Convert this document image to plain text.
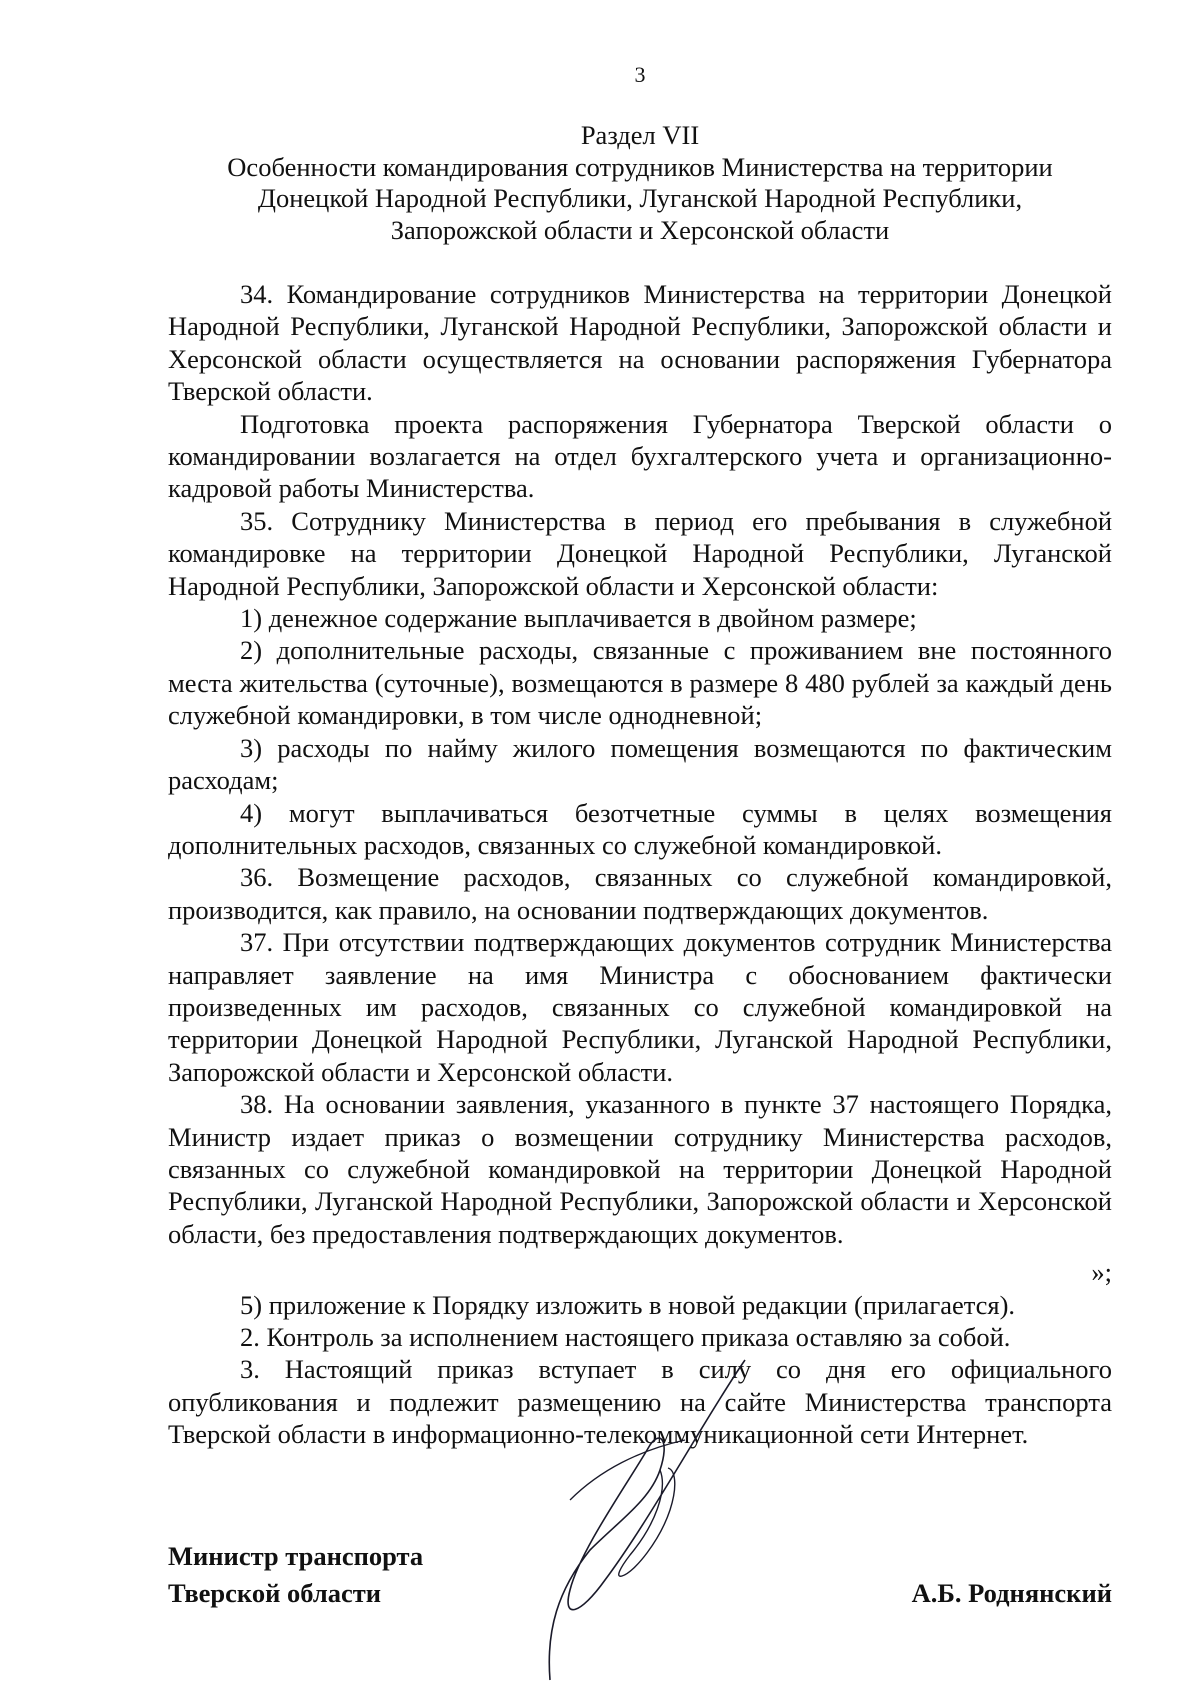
3
Раздел VII
Особенности командирования сотрудников Министерства на территории
Донецкой Народной Республики, Луганской Народной Республики,
Запорожской области и Херсонской области

34. Командирование сотрудников Министерства на территории Донецкой Народной Республики, Луганской Народной Республики, Запорожской области и Херсонской области осуществляется на основании распоряжения Губернатора Тверской области.

Подготовка проекта распоряжения Губернатора Тверской области о командировании возлагается на отдел бухгалтерского учета и организационно-кадровой работы Министерства.

35. Сотруднику Министерства в период его пребывания в служебной командировке на территории Донецкой Народной Республики, Луганской Народной Республики, Запорожской области и Херсонской области:

1) денежное содержание выплачивается в двойном размере;

2) дополнительные расходы, связанные с проживанием вне постоянного места жительства (суточные), возмещаются в размере 8 480 рублей за каждый день служебной командировки, в том числе однодневной;

3) расходы по найму жилого помещения возмещаются по фактическим расходам;

4) могут выплачиваться безотчетные суммы в целях возмещения дополнительных расходов, связанных со служебной командировкой.

36. Возмещение расходов, связанных со служебной командировкой, производится, как правило, на основании подтверждающих документов.

37. При отсутствии подтверждающих документов сотрудник Министерства направляет заявление на имя Министра с обоснованием фактически произведенных им расходов, связанных со служебной командировкой на территории Донецкой Народной Республики, Луганской Народной Республики, Запорожской области и Херсонской области.

38. На основании заявления, указанного в пункте 37 настоящего Порядка, Министр издает приказ о возмещении сотруднику Министерства расходов, связанных со служебной командировкой на территории Донецкой Народной Республики, Луганской Народной Республики, Запорожской области и Херсонской области, без предоставления подтверждающих документов.

»;

5) приложение к Порядку изложить в новой редакции (прилагается).

2. Контроль за исполнением настоящего приказа оставляю за собой.

3. Настоящий приказ вступает в силу со дня его официального опубликования и подлежит размещению на сайте Министерства транспорта Тверской области в информационно-телекоммуникационной сети Интернет.

Министр транспорта
Тверской области	А.Б. Роднянский
